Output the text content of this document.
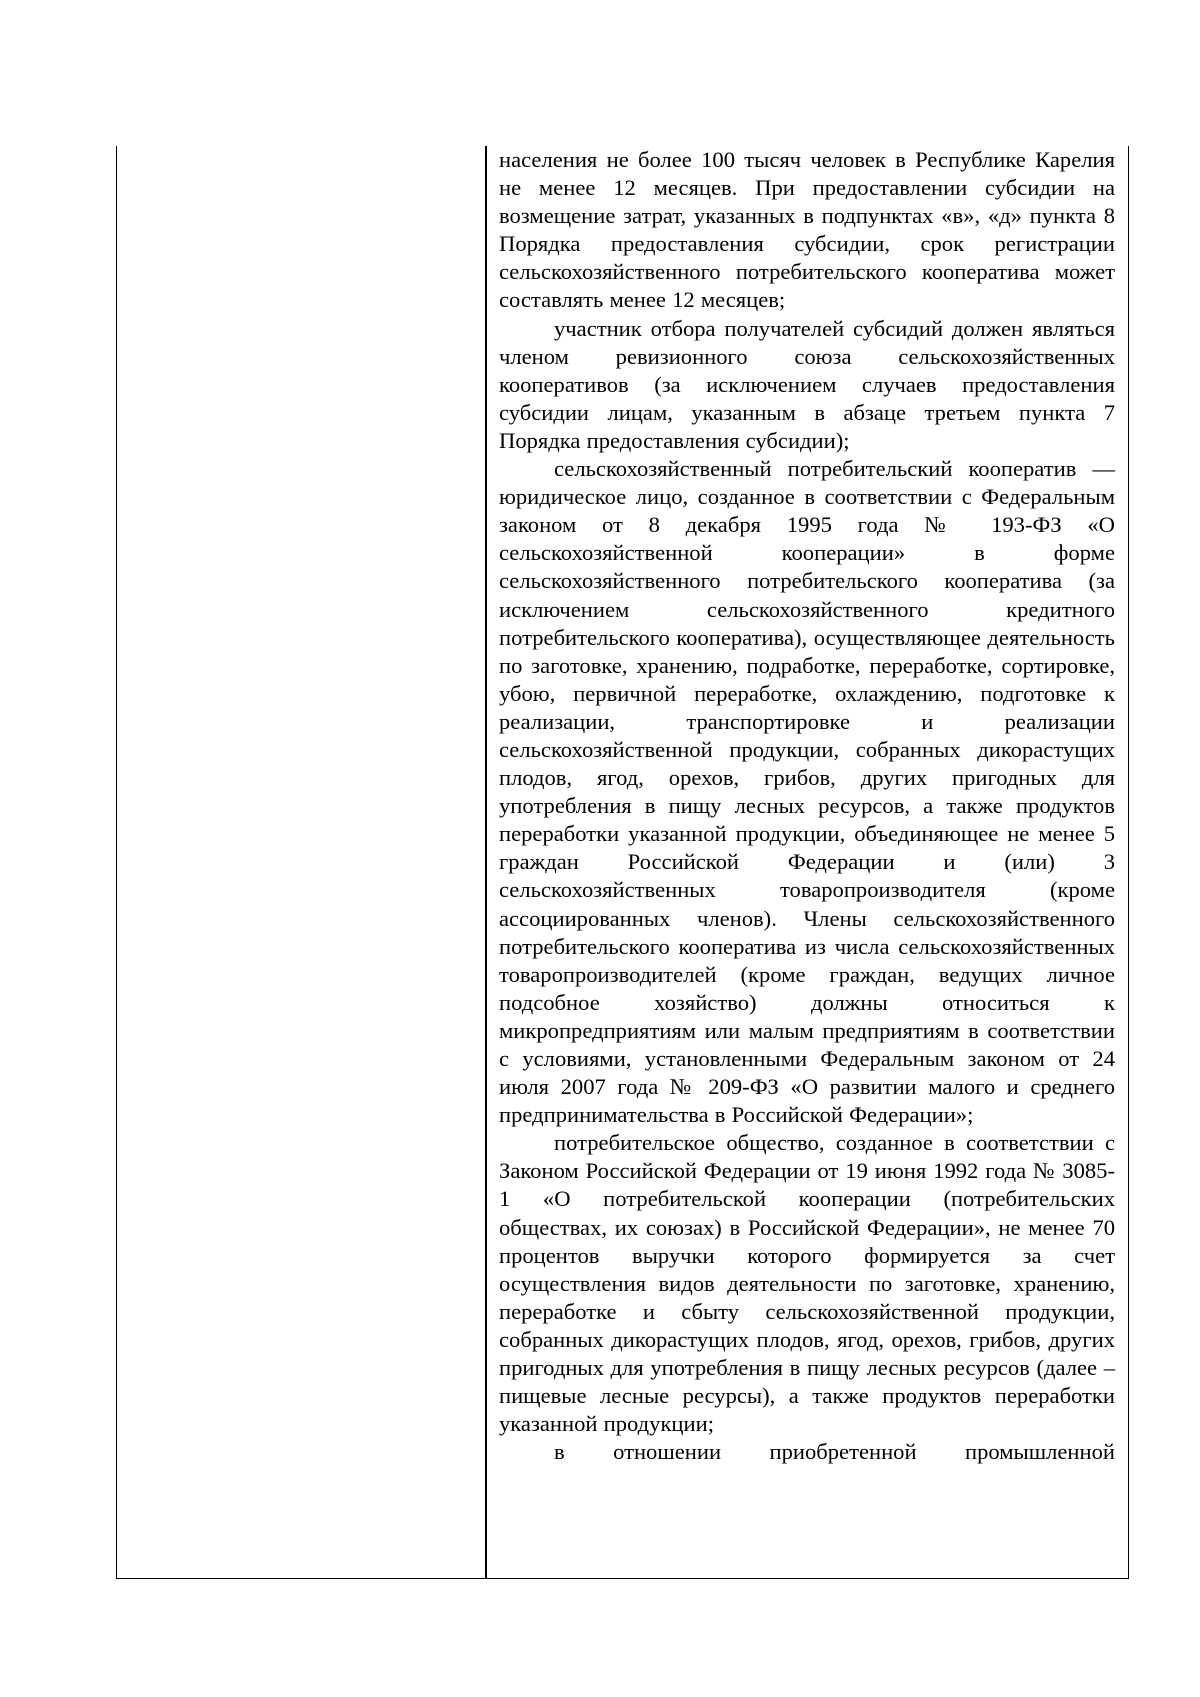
населения не более 100 тысяч человек в Республике Карелия не менее 12 месяцев. При предоставлении субсидии на возмещение затрат, указанных в подпунктах «в», «д» пункта 8 Порядка предоставления субсидии, срок регистрации сельскохозяйственного потребительского кооператива может составлять менее 12 месяцев;

участник отбора получателей субсидий должен являться членом ревизионного союза сельскохозяйственных кооперативов (за исключением случаев предоставления субсидии лицам, указанным в абзаце третьем пункта 7 Порядка предоставления субсидии);

сельскохозяйственный потребительский кооператив — юридическое лицо, созданное в соответствии с Федеральным законом от 8 декабря 1995 года № 193-ФЗ «О сельскохозяйственной кооперации» в форме сельскохозяйственного потребительского кооператива (за исключением сельскохозяйственного кредитного потребительского кооператива), осуществляющее деятельность по заготовке, хранению, подработке, переработке, сортировке, убою, первичной переработке, охлаждению, подготовке к реализации, транспортировке и реализации сельскохозяйственной продукции, собранных дикорастущих плодов, ягод, орехов, грибов, других пригодных для употребления в пищу лесных ресурсов, а также продуктов переработки указанной продукции, объединяющее не менее 5 граждан Российской Федерации и (или) 3 сельскохозяйственных товаропроизводителя (кроме ассоциированных членов). Члены сельскохозяйственного потребительского кооператива из числа сельскохозяйственных товаропроизводителей (кроме граждан, ведущих личное подсобное хозяйство) должны относиться к микропредприятиям или малым предприятиям в соответствии с условиями, установленными Федеральным законом от 24 июля 2007 года № 209-ФЗ «О развитии малого и среднего предпринимательства в Российской Федерации»;

потребительское общество, созданное в соответствии с Законом Российской Федерации от 19 июня 1992 года № 3085-1 «О потребительской кооперации (потребительских обществах, их союзах) в Российской Федерации», не менее 70 процентов выручки которого формируется за счет осуществления видов деятельности по заготовке, хранению, переработке и сбыту сельскохозяйственной продукции, собранных дикорастущих плодов, ягод, орехов, грибов, других пригодных для употребления в пищу лесных ресурсов (далее – пищевые лесные ресурсы), а также продуктов переработки указанной продукции;

в отношении приобретенной промышленной
